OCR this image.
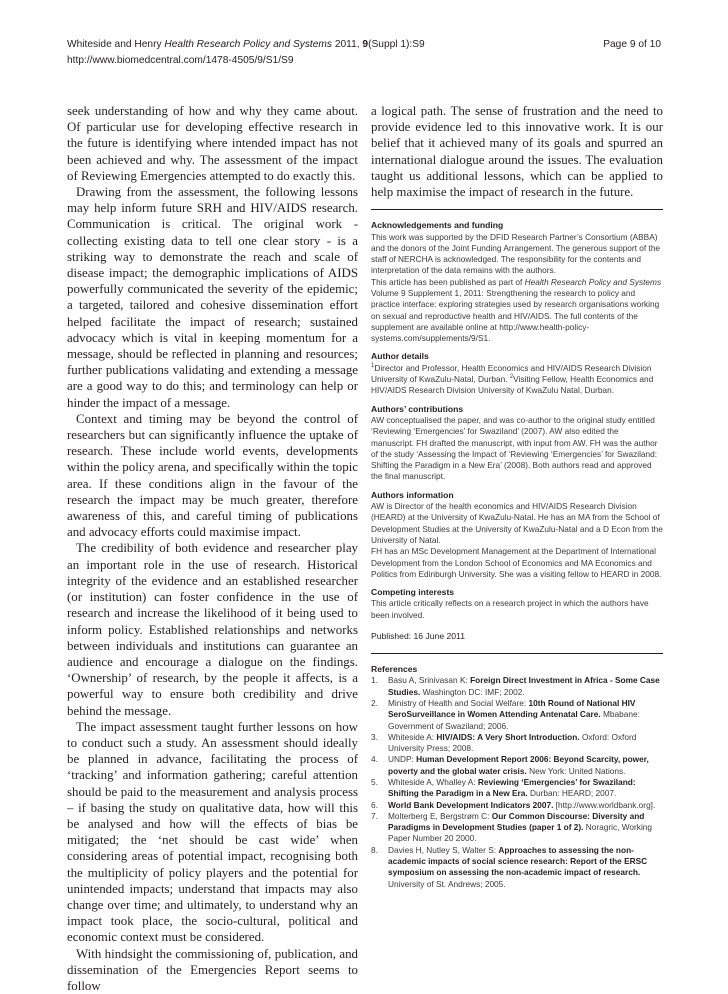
Whiteside and Henry Health Research Policy and Systems 2011, 9(Suppl 1):S9
http://www.biomedcentral.com/1478-4505/9/S1/S9
Page 9 of 10

seek understanding of how and why they came about. Of particular use for developing effective research in the future is identifying where intended impact has not been achieved and why. The assessment of the impact of Reviewing Emergencies attempted to do exactly this.

Drawing from the assessment, the following lessons may help inform future SRH and HIV/AIDS research. Communication is critical. The original work - collecting existing data to tell one clear story - is a striking way to demonstrate the reach and scale of disease impact; the demographic implications of AIDS powerfully communicated the severity of the epidemic; a targeted, tailored and cohesive dissemination effort helped facilitate the impact of research; sustained advocacy which is vital in keeping momentum for a message, should be reflected in planning and resources; further publications validating and extending a message are a good way to do this; and terminology can help or hinder the impact of a message.

Context and timing may be beyond the control of researchers but can significantly influence the uptake of research. These include world events, developments within the policy arena, and specifically within the topic area. If these conditions align in the favour of the research the impact may be much greater, therefore awareness of this, and careful timing of publications and advocacy efforts could maximise impact.

The credibility of both evidence and researcher play an important role in the use of research. Historical integrity of the evidence and an established researcher (or institution) can foster confidence in the use of research and increase the likelihood of it being used to inform policy. Established relationships and networks between individuals and institutions can guarantee an audience and encourage a dialogue on the findings. ‘Ownership’ of research, by the people it affects, is a powerful way to ensure both credibility and drive behind the message.

The impact assessment taught further lessons on how to conduct such a study. An assessment should ideally be planned in advance, facilitating the process of ‘tracking’ and information gathering; careful attention should be paid to the measurement and analysis process – if basing the study on qualitative data, how will this be analysed and how will the effects of bias be mitigated; the ‘net should be cast wide’ when considering areas of potential impact, recognising both the multiplicity of policy players and the potential for unintended impacts; understand that impacts may also change over time; and ultimately, to understand why an impact took place, the socio-cultural, political and economic context must be considered.

With hindsight the commissioning of, publication, and dissemination of the Emergencies Report seems to follow

a logical path. The sense of frustration and the need to provide evidence led to this innovative work. It is our belief that it achieved many of its goals and spurred an international dialogue around the issues. The evaluation taught us additional lessons, which can be applied to help maximise the impact of research in the future.

Acknowledgements and funding
This work was supported by the DFID Research Partner’s Consortium (ABBA) and the donors of the Joint Funding Arrangement. The generous support of the staff of NERCHA is acknowledged. The responsibility for the contents and interpretation of the data remains with the authors.
This article has been published as part of Health Research Policy and Systems Volume 9 Supplement 1, 2011: Strengthening the research to policy and practice interface: exploring strategies used by research organisations working on sexual and reproductive health and HIV/AIDS. The full contents of the supplement are available online at http://www.health-policy-systems.com/supplements/9/S1.
Author details
$^1$Director and Professor, Health Economics and HIV/AIDS Research Division University of KwaZulu-Natal, Durban. $^2$Visiting Fellow, Health Economics and HIV/AIDS Research Division University of KwaZulu Natal, Durban.
Authors’ contributions
AW conceptualised the paper, and was co-author to the original study entitled ‘Reviewing ‘Emergencies’ for Swaziland’ (2007). AW also edited the manuscript. FH drafted the manuscript, with input from AW. FH was the author of the study ‘Assessing the Impact of ‘Reviewing ‘Emergencies’ for Swaziland: Shifting the Paradigm in a New Era’ (2008). Both authors read and approved the final manuscript.
Authors information
AW is Director of the health economics and HIV/AIDS Research Division (HEARD) at the University of KwaZulu-Natal. He has an MA from the School of Development Studies at the University of KwaZulu-Natal and a D Econ from the University of Natal.
FH has an MSc Development Management at the Department of International Development from the London School of Economics and MA Economics and Politics from Edinburgh University. She was a visiting fellow to HEARD in 2008.
Competing interests
This article critically reflects on a research project in which the authors have been involved.
Published: 16 June 2011
References
1.	Basu A, Srinivasan K: Foreign Direct Investment in Africa - Some Case Studies. Washington DC: IMF; 2002.
2.	Ministry of Health and Social Welfare: 10th Round of National HIV SeroSurveillance in Women Attending Antenatal Care. Mbabane: Government of Swaziland; 2006.
3.	Whiteside A: HIV/AIDS: A Very Short Introduction. Oxford: Oxford University Press; 2008.
4.	UNDP: Human Development Report 2006: Beyond Scarcity, power, poverty and the global water crisis. New York: United Nations.
5.	Whiteside A, Whalley A: Reviewing ‘Emergencies’ for Swaziland: Shifting the Paradigm in a New Era. Durban: HEARD; 2007.
6.	World Bank Development Indicators 2007. [http://www.worldbank.org].
7.	Molterberg E, Bergstrøm C: Our Common Discourse: Diversity and Paradigms in Development Studies (paper 1 of 2). Noragric, Working Paper Number 20 2000.
8.	Davies H, Nutley S, Walter S: Approaches to assessing the non-academic impacts of social science research: Report of the ERSC symposium on assessing the non-academic impact of research. University of St. Andrews; 2005.
